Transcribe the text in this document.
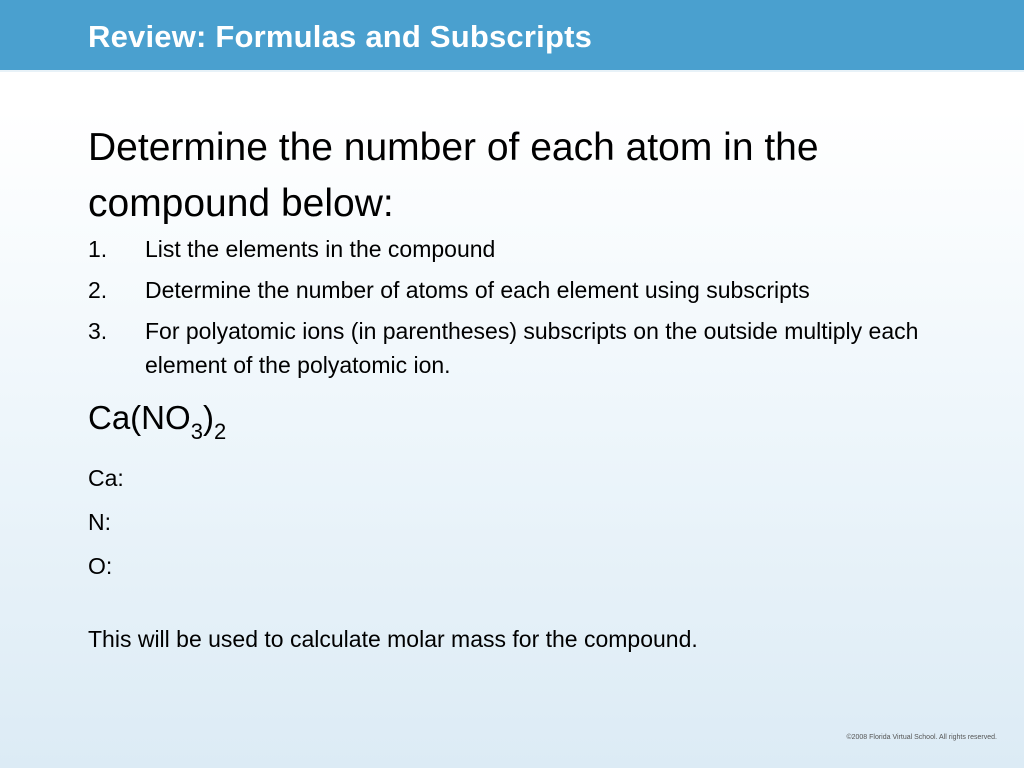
Review: Formulas and Subscripts
Determine the number of each atom in the compound below:
1.	List the elements in the compound
2.	Determine the number of atoms of each element using subscripts
3.	For polyatomic ions (in parentheses) subscripts on the outside multiply each element of the polyatomic ion.
$Ca(NO_3)_2$
Ca:
N:
O:
This will be used to calculate molar mass for the compound.
©2008 Florida Virtual School. All rights reserved.
